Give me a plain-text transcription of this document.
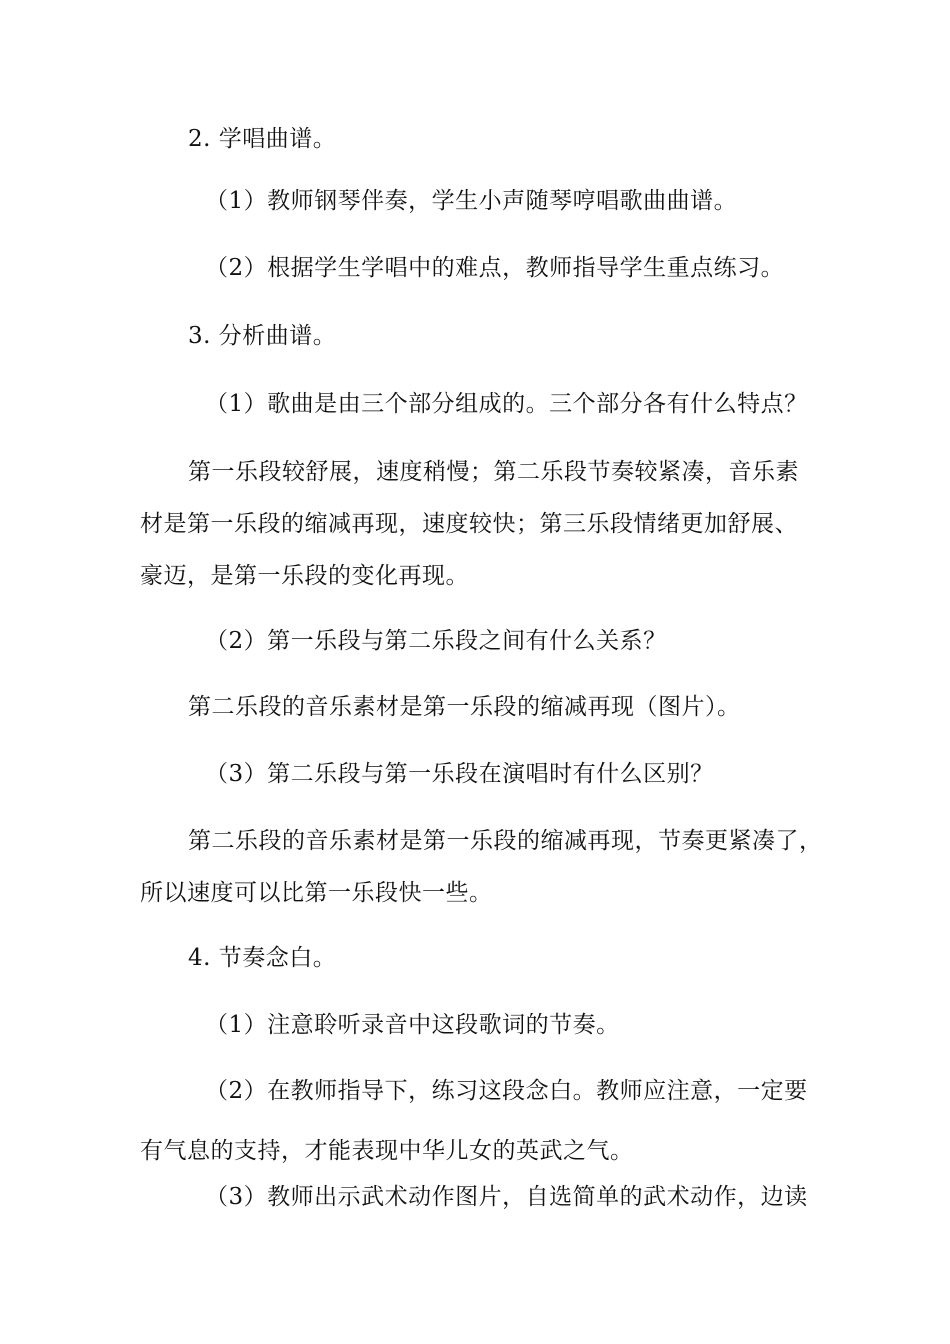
2. 学唱曲谱。

（1）教师钢琴伴奏，学生小声随琴哼唱歌曲曲谱。

（2）根据学生学唱中的难点，教师指导学生重点练习。

3. 分析曲谱。

（1）歌曲是由三个部分组成的。三个部分各有什么特点？

第一乐段较舒展，速度稍慢；第二乐段节奏较紧凑，音乐素

材是第一乐段的缩减再现，速度较快；第三乐段情绪更加舒展、

豪迈，是第一乐段的变化再现。

（2）第一乐段与第二乐段之间有什么关系？

第二乐段的音乐素材是第一乐段的缩减再现（图片）。

（3）第二乐段与第一乐段在演唱时有什么区别？

第二乐段的音乐素材是第一乐段的缩减再现，节奏更紧凑了，

所以速度可以比第一乐段快一些。

4. 节奏念白。

（1）注意聆听录音中这段歌词的节奏。

（2）在教师指导下，练习这段念白。教师应注意，一定要

有气息的支持，才能表现中华儿女的英武之气。

（3）教师出示武术动作图片，自选简单的武术动作，边读
